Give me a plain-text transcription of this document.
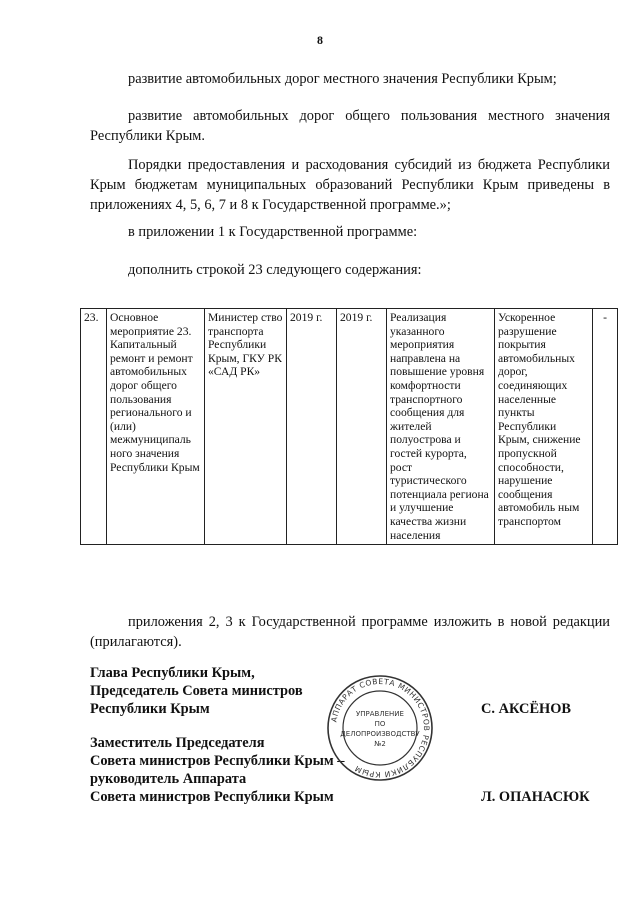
8

развитие автомобильных дорог местного значения Республики Крым;

развитие автомобильных дорог общего пользования местного значения Республики Крым.

Порядки предоставления и расходования субсидий из бюджета Республики Крым бюджетам муниципальных образований Республики Крым приведены в приложениях 4, 5, 6, 7 и 8 к Государственной программе.»;

в приложении 1 к Государственной программе:

дополнить строкой 23 следующего содержания:

23.	Основное мероприятие 23. Капитальный ремонт и ремонт автомобильных дорог общего пользования регионального и (или) межмуниципаль ного значения Республики Крым	Министер ство транспорта Республики Крым, ГКУ РК «САД РК»	2019 г.	2019 г.	Реализация указанного мероприятия направлена на повышение уровня комфортности транспортного сообщения для жителей полуострова и гостей курорта, рост туристического потенциала региона и улучшение качества жизни населения	Ускоренное разрушение покрытия автомобильных дорог, соединяющих населенные пункты Республики Крым, снижение пропускной способности, нарушение сообщения автомобиль ным транспортом	-

приложения 2, 3 к Государственной программе изложить в новой редакции (прилагаются).

Глава Республики Крым,
Председатель Совета министров
Республики Крым	С. АКСЁНОВ
Заместитель Председателя
Совета министров Республики Крым –
руководитель Аппарата
Совета министров Республики Крым	Л. ОПАНАСЮК
АППАРАТ СОВЕТА МИНИСТРОВ РЕСПУБЛИКИ КРЫМ
УПРАВЛЕНИЕ
ПО
ДЕЛОПРОИЗВОДСТВУ
№2
